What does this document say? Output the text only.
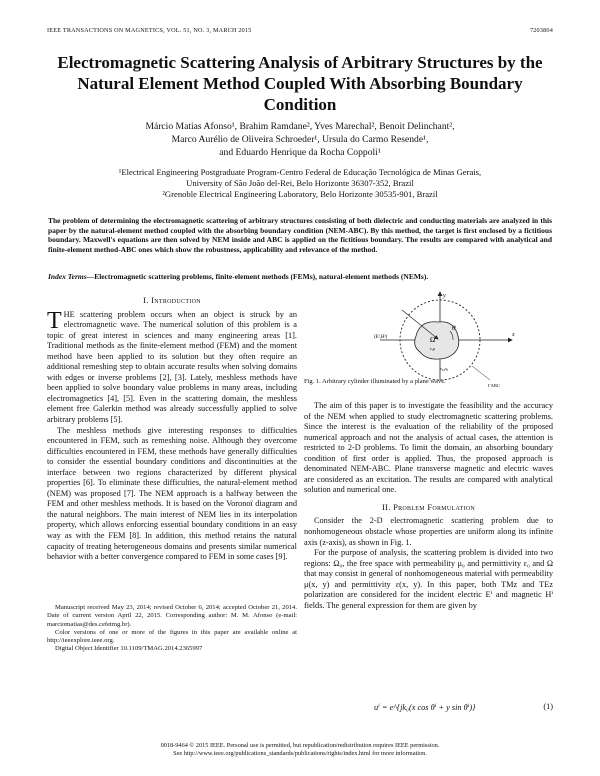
IEEE TRANSACTIONS ON MAGNETICS, VOL. 51, NO. 3, MARCH 2015	7203804
Electromagnetic Scattering Analysis of Arbitrary Structures by the Natural Element Method Coupled With Absorbing Boundary Condition
Márcio Matias Afonso¹, Brahim Ramdane², Yves Marechal², Benoit Delinchant²,
Marco Aurélio de Oliveira Schroeder¹, Ursula do Carmo Resende¹,
and Eduardo Henrique da Rocha Coppoli¹
¹Electrical Engineering Postgraduate Program-Centro Federal de Educação Tecnológica de Minas Gerais,
University of São João del-Rei, Belo Horizonte 36307-352, Brazil
²Grenoble Electrical Engineering Laboratory, Belo Horizonte 30535-901, Brazil
The problem of determining the electromagnetic scattering of arbitrary structures consisting of both dielectric and conducting materials are analyzed in this paper by the natural-element method coupled with the absorbing boundary condition (NEM-ABC). By this method, the target is first enclosed by a fictitious boundary. Maxwell's equations are then solved by NEM inside and ABC is applied on the fictitious boundary. The results are compared with analytical and finite-element method-ABC ones which show the robustness, applicability and relevance of the method.
Index Terms—Electromagnetic scattering problems, finite-element methods (FEMs), natural-element methods (NEMs).
I. Introduction

THE scattering problem occurs when an object is struck by an electromagnetic wave. The numerical solution of this problem is a topic of great interest in sciences and many engineering areas [1]. Traditional methods as the finite-element method (FEM) and the moment method have been applied to its solution but they often require an additional remeshing step to obtain accurate results when solving domains with edges or inverse problems [2], [3]. Lately, meshless methods have been applied to solve boundary value problems in many areas, including electromagnetics [4], [5]. Even in the scattering domain, the meshless element free Galerkin method was already successfully applied to solve arbitrary problems [5].

The meshless methods give interesting responses to difficulties encountered in FEM, such as remeshing noise. Although they overcome difficulties encountered in FEM, these methods have generally difficulties to consider the essential boundary conditions and discontinuities at the interface between two regions characterized by different physical properties [6]. To eliminate these difficulties, the natural-element method (NEM) was proposed [7]. The NEM approach is a halfway between the FEM and other meshless methods. It is based on the Voronoï diagram and the natural neighbors. The main interest of NEM lies in its interpolation property, which allows enforcing essential boundary conditions in an easy way as with the FEM [8]. In addition, this method retains the natural capacity of treating heterogeneous domains and presents similar numerical behavior with a better convergence compared to FEM in some cases [9].

Manuscript received May 23, 2014; revised October 6, 2014; accepted October 21, 2014. Date of current version April 22, 2015. Corresponding author: M. M. Afonso (e-mail: marciomatias@des.cefetmg.br).

Color versions of one or more of the figures in this paper are available online at http://ieeexplore.ieee.org.

Digital Object Identifier 10.1109/TMAG.2014.2365997

(Eⁱ,Hⁱ)
θⁱ
Ω
ε,μ
ε₀,μ₀
ΓABC
x
y
Fig. 1. Arbitrary cylinder illuminated by a plane wave.

The aim of this paper is to investigate the feasibility and the accuracy of the NEM when applied to study electromagnetic scattering problems. Since the interest is the evaluation of the reliability of the proposed numerical approach and not the analysis of actual cases, the attention is restricted to 2-D problems. To limit the domain, an absorbing boundary condition of first order is applied. Thus, the proposed approach is denominated NEM-ABC. Plane transverse magnetic and electric waves are considered as an excitation. The results are compared with analytical solution and numerical one.

II. Problem Formulation

Consider the 2-D electromagnetic scattering problem due to nonhomogeneous obstacle whose properties are uniform along its infinite axis (z-axis), as shown in Fig. 1.

For the purpose of analysis, the scattering problem is divided into two regions: Ω₀, the free space with permeability μ₀ and permittivity ε₀ and Ω that may consist in general of nonhomogeneous material with permeability μ(x, y) and permittivity ε(x, y). In this paper, both TMz and TEz polarization are considered for the incident electric Eⁱ and magnetic Hⁱ fields. The general expression for them are given by

uⁱ = e^{jk₀(x cos θⁱ + y sin θⁱ)}	(1)
0018-9464 © 2015 IEEE. Personal use is permitted, but republication/redistribution requires IEEE permission.
See http://www.ieee.org/publications_standards/publications/rights/index.html for more information.
